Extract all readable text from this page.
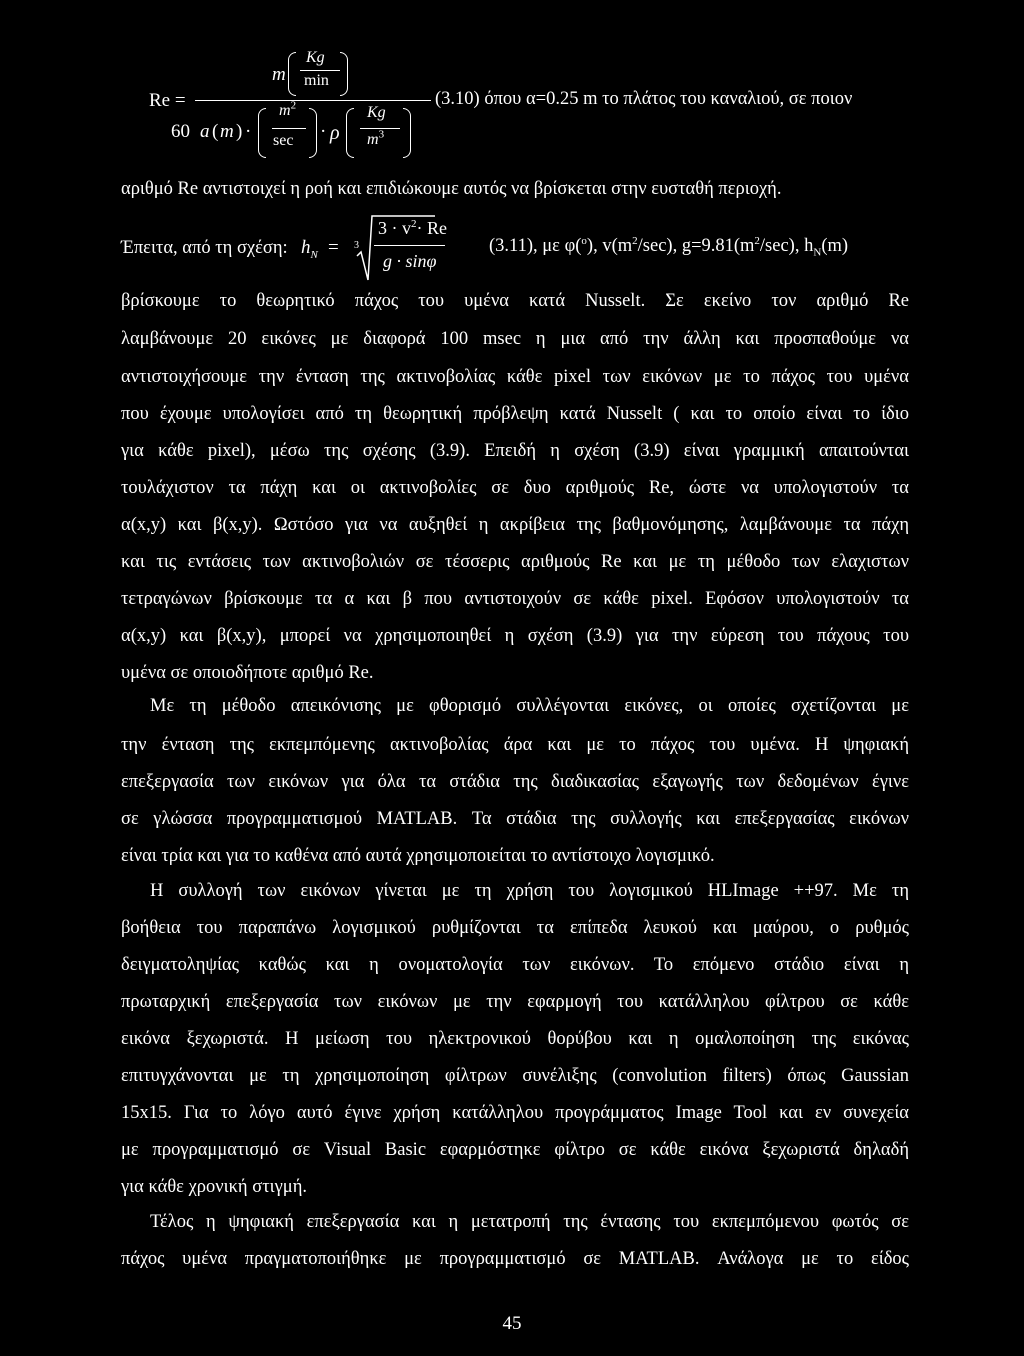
Re =
m
Kg
min
60 a ( m ) ·
$m^2$
sec · ρ
Kg
$m^3$
(3.10) όπου α=0.25 m το πλάτος του καναλιού, σε ποιον
αριθμό Re αντιστοιχεί η ροή και επιδιώκουμε αυτός να βρίσκεται στην ευσταθή περιοχή.
Έπειτα, από τη σχέση: $h_N = 3$
$3 \cdot v^2\cdot Re$
g · sinφ
(3.11), με φ($^o$), $v(m^2/\sec)$, $g=9.81(m^2/\sec)$, $h_N(m)$
βρίσκουμε το θεωρητικό πάχος του υμένα κατά Nusselt. Σε εκείνο τον αριθμό Re
λαμβάνουμε 20 εικόνες με διαφορά 100 msec η μια από την άλλη και προσπαθούμε να
αντιστοιχήσουμε την ένταση της ακτινοβολίας κάθε pixel των εικόνων με το πάχος του υμένα
που έχουμε υπολογίσει από τη θεωρητική πρόβλεψη κατά Nusselt ( και το οποίο είναι το ίδιο
για κάθε pixel), μέσω της σχέσης (3.9). Επειδή η σχέση (3.9) είναι γραμμική απαιτούνται
τουλάχιστον τα πάχη και οι ακτινοβολίες σε δυο αριθμούς Re, ώστε να υπολογιστούν τα
α(x,y) και β(x,y). Ωστόσο για να αυξηθεί η ακρίβεια της βαθμονόμησης, λαμβάνουμε τα πάχη
και τις εντάσεις των ακτινοβολιών σε τέσσερις αριθμούς Re και με τη μέθοδο των ελαχιστων
τετραγώνων βρίσκουμε τα α και β που αντιστοιχούν σε κάθε pixel. Εφόσον υπολογιστούν τα
α(x,y) και β(x,y), μπορεί να χρησιμοποιηθεί η σχέση (3.9) για την εύρεση του πάχους του
υμένα σε οποιοδήποτε αριθμό Re.
Με τη μέθοδο απεικόνισης με φθορισμό συλλέγονται εικόνες, οι οποίες σχετίζονται με
την ένταση της εκπεμπόμενης ακτινοβολίας άρα και με το πάχος του υμένα. Η ψηφιακή
επεξεργασία των εικόνων για όλα τα στάδια της διαδικασίας εξαγωγής των δεδομένων έγινε
σε γλώσσα προγραμματισμού MATLAB. Τα στάδια της συλλογής και επεξεργασίας εικόνων
είναι τρία και για το καθένα από αυτά χρησιμοποιείται το αντίστοιχο λογισμικό.
Η συλλογή των εικόνων γίνεται με τη χρήση του λογισμικού HLImage ++97. Με τη
βοήθεια του παραπάνω λογισμικού ρυθμίζονται τα επίπεδα λευκού και μαύρου, ο ρυθμός
δειγματοληψίας καθώς και η ονοματολογία των εικόνων. Το επόμενο στάδιο είναι η
πρωταρχική επεξεργασία των εικόνων με την εφαρμογή του κατάλληλου φίλτρου σε κάθε
εικόνα ξεχωριστά. Η μείωση του ηλεκτρονικού θορύβου και η ομαλοποίηση της εικόνας
επιτυγχάνονται με τη χρησιμοποίηση φίλτρων συνέλιξης (convolution filters) όπως Gaussian
15x15. Για το λόγο αυτό έγινε χρήση κατάλληλου προγράμματος Image Tool και εν συνεχεία
με προγραμματισμό σε Visual Basic εφαρμόστηκε φίλτρο σε κάθε εικόνα ξεχωριστά δηλαδή
για κάθε χρονική στιγμή.
Τέλος η ψηφιακή επεξεργασία και η μετατροπή της έντασης του εκπεμπόμενου φωτός σε
πάχος υμένα πραγματοποιήθηκε με προγραμματισμό σε MATLAB. Ανάλογα με το είδος
45
